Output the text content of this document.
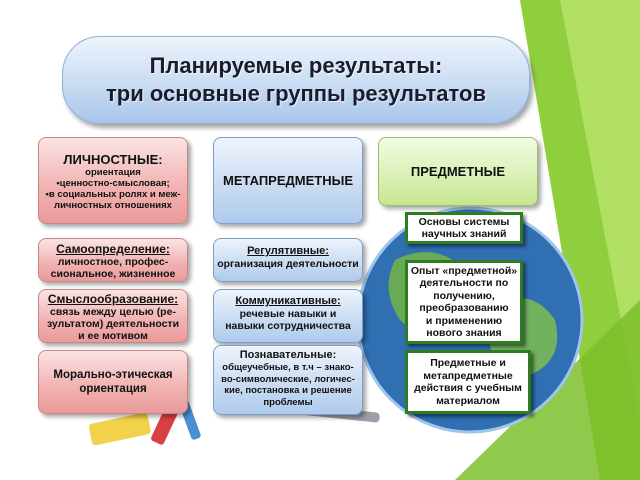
Планируемые результаты:
три основные группы результатов
ЛИЧНОСТНЫЕ:
ориентация
•ценностно-смысловая;
•в социальных ролях и меж-
личностных отношениях
Самоопределение:
личностное, профес-
сиональное, жизненное
Смыслообразование:
связь между целью (ре-
зультатом) деятельности
и ее мотивом
Морально-этическая
ориентация
МЕТАПРЕДМЕТНЫЕ
Регулятивные:
организация деятельности
Коммуникативные:
речевые навыки и
навыки сотрудничества
Познавательные:
общеучебные, в т.ч – знако-
во-символические, логичес-
кие, постановка и решение
проблемы
ПРЕДМЕТНЫЕ
Основы системы
научных знаний
Опыт «предметной»
деятельности по
получению,
преобразованию
и применению
нового знания
Предметные и
метапредметные
действия с учебным
материалом
